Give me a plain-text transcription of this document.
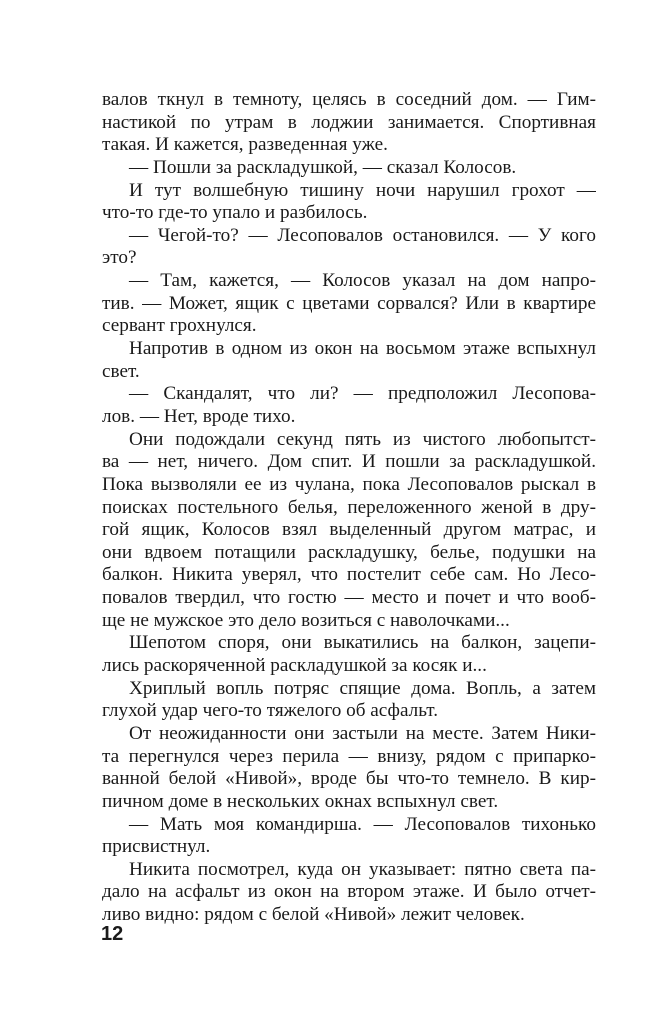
валов ткнул в темноту, целясь в соседний дом. — Гим-
настикой по утрам в лоджии занимается. Спортивная
такая. И кажется, разведенная уже.
— Пошли за раскладушкой, — сказал Колосов.
И тут волшебную тишину ночи нарушил грохот —
что-то где-то упало и разбилось.
— Чегой-то? — Лесоповалов остановился. — У кого
это?
— Там, кажется, — Колосов указал на дом напро-
тив. — Может, ящик с цветами сорвался? Или в квартире
сервант грохнулся.
Напротив в одном из окон на восьмом этаже вспыхнул
свет.
— Скандалят, что ли? — предположил Лесопова-
лов. — Нет, вроде тихо.
Они подождали секунд пять из чистого любопытст-
ва — нет, ничего. Дом спит. И пошли за раскладушкой.
Пока вызволяли ее из чулана, пока Лесоповалов рыскал в
поисках постельного белья, переложенного женой в дру-
гой ящик, Колосов взял выделенный другом матрас, и
они вдвоем потащили раскладушку, белье, подушки на
балкон. Никита уверял, что постелит себе сам. Но Лесо-
повалов твердил, что гостю — место и почет и что вооб-
ще не мужское это дело возиться с наволочками...
Шепотом споря, они выкатились на балкон, зацепи-
лись раскоряченной раскладушкой за косяк и...
Хриплый вопль потряс спящие дома. Вопль, а затем
глухой удар чего-то тяжелого об асфальт.
От неожиданности они застыли на месте. Затем Ники-
та перегнулся через перила — внизу, рядом с припарко-
ванной белой «Нивой», вроде бы что-то темнело. В кир-
пичном доме в нескольких окнах вспыхнул свет.
— Мать моя командирша. — Лесоповалов тихонько
присвистнул.
Никита посмотрел, куда он указывает: пятно света па-
дало на асфальт из окон на втором этаже. И было отчет-
ливо видно: рядом с белой «Нивой» лежит человек.
12
